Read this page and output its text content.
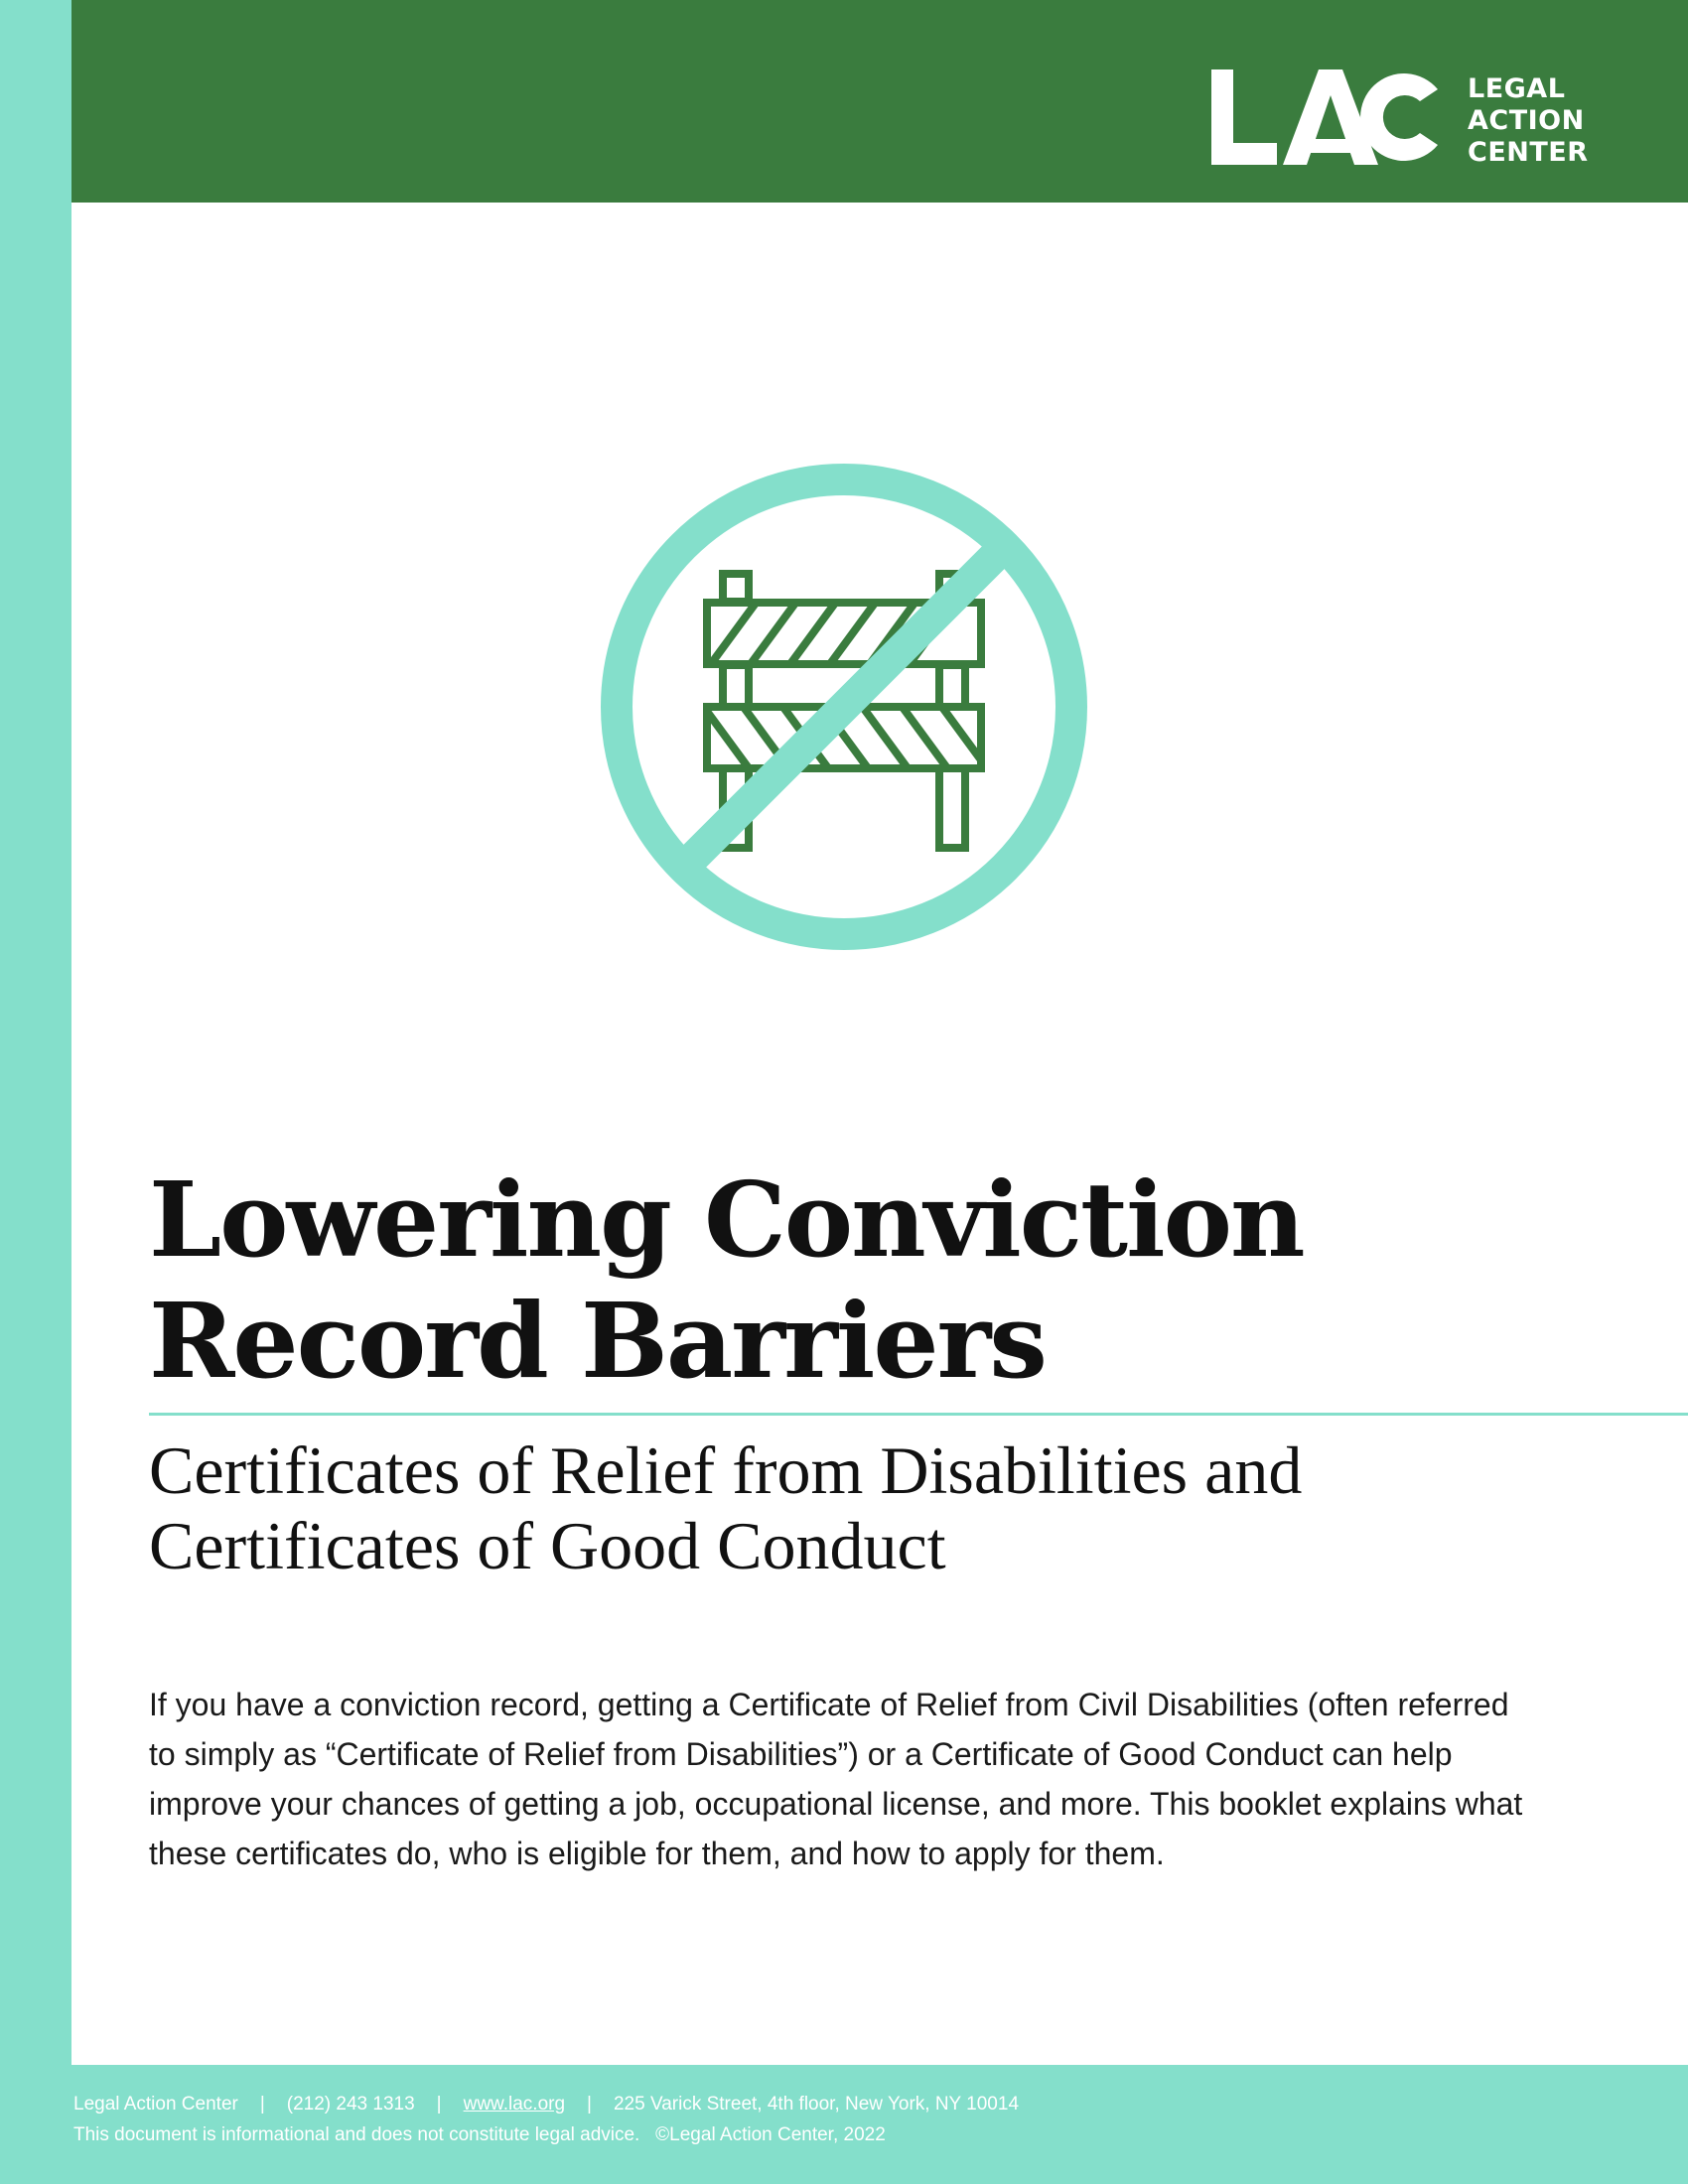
LEGAL
ACTION
CENTER
Lowering Conviction
Record Barriers
Certificates of Relief from Disabilities and
Certificates of Good Conduct

If you have a conviction record, getting a Certificate of Relief from Civil Disabilities (often referred to simply as “Certificate of Relief from Disabilities”) or a Certificate of Good Conduct can help improve your chances of getting a job, occupational license, and more. This booklet explains what these certificates do, who is eligible for them, and how to apply for them.

Legal Action Center | (212) 243 1313 | www.lac.org | 225 Varick Street, 4th floor, New York, NY 10014
This document is informational and does not constitute legal advice. ©Legal Action Center, 2022
